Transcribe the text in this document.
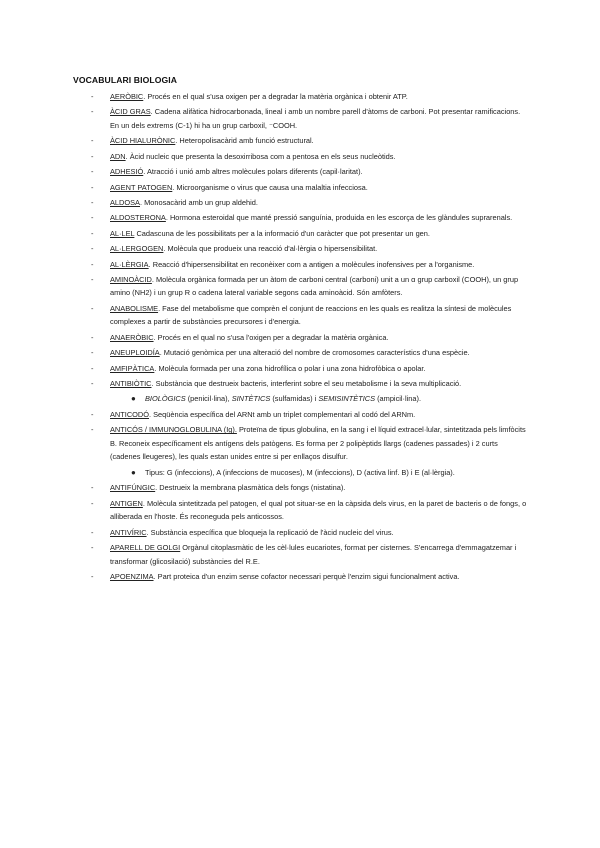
VOCABULARI BIOLOGIA
- AERÒBIC. Procés en el qual s'usa oxigen per a degradar la matèria orgànica i obtenir ATP.
- ÀCID GRAS. Cadena alifàtica hidrocarbonada, lineal i amb un nombre parell d'àtoms de carboni. Pot presentar ramificacions. En un dels extrems (C-1) hi ha un grup carboxil, ⁻COOH.
- ÀCID HIALURÒNIC. Heteropolisacàrid amb funció estructural.
- ADN. Àcid nucleic que presenta la desoxirribosa com a pentosa en els seus nucleòtids.
- ADHESIÓ. Atracció i unió amb altres molècules polars diferents (capil·laritat).
- AGENT PATOGEN. Microorganisme o virus que causa una malaltia infecciosa.
- ALDOSA. Monosacàrid amb un grup aldehid.
- ALDOSTERONA. Hormona esteroidal que manté pressió sanguínia, produida en les escorça de les glàndules suprarenals.
- AL·LEL Cadascuna de les possibilitats per a la informació d'un caràcter que pot presentar un gen.
- AL·LERGOGEN. Molècula que produeix una reacció d'al·lèrgia o hipersensibilitat.
- AL·LÈRGIA. Reacció d'hipersensibilitat en reconèixer com a antigen a molècules inofensives per a l'organisme.
- AMINOÀCID. Molècula orgànica formada per un àtom de carboni central (carboni) unit a un α grup carboxil (COOH), un grup amino (NH2) i un grup R o cadena lateral variable segons cada aminoàcid. Són amfòters.
- ANABOLISME. Fase del metabolisme que comprèn el conjunt de reaccions en les quals es realitza la síntesi de molècules complexes a partir de substàncies precursores i d'energia.
- ANAERÒBIC. Procés en el qual no s'usa l'oxigen per a degradar la matèria orgànica.
- ANEUPLOIDÍA. Mutació genòmica per una alteració del nombre de cromosomes característics d'una espècie.
- AMFIPÀTICA. Molècula formada per una zona hidrofílica o polar i una zona hidrofòbica o apolar.
- ANTIBIÒTIC. Substància que destrueix bacteris, interferint sobre el seu metabolisme i la seva multiplicació.
● BIOLÒGICS (penicil·lina), SINTÈTICS (sulfamidas) i SEMISINTÈTICS (ampicil·lina).
- ANTICODÓ. Seqüència específica del ARNt amb un triplet complementari al codó del ARNm.
- ANTICÓS / IMMUNOGLOBULINA (Ig). Proteïna de tipus globulina, en la sang i el líquid extracel·lular, sintetitzada pels limfòcits B. Reconeix específicament els antígens dels patògens. Es forma per 2 polipèptids llargs (cadenes passades) i 2 curts (cadenes lleugeres), les quals estan unides entre si per enllaços disulfur.
● Tipus: G (infeccions), A (infeccions de mucoses), M (infeccions), D (activa linf. B) i E (al·lèrgia).
- ANTIFÚNGIC. Destrueix la membrana plasmàtica dels fongs (nistatina).
- ANTIGEN. Molècula sintetitzada pel patogen, el qual pot situar-se en la càpsida dels virus, en la paret de bacteris o de fongs, o alliberada en l'hoste. És reconeguda pels anticossos.
- ANTIVÍRIC. Substància específica que bloqueja la replicació de l'àcid nucleic del virus.
- APARELL DE GOLGI Orgànul citoplasmàtic de les cèl·lules eucariotes, format per cisternes. S'encarrega d'emmagatzemar i transformar (glicosilació) substàncies del R.E.
- APOENZIMA. Part proteica d'un enzim sense cofactor necessari perquè l'enzim sigui funcionalment activa.
